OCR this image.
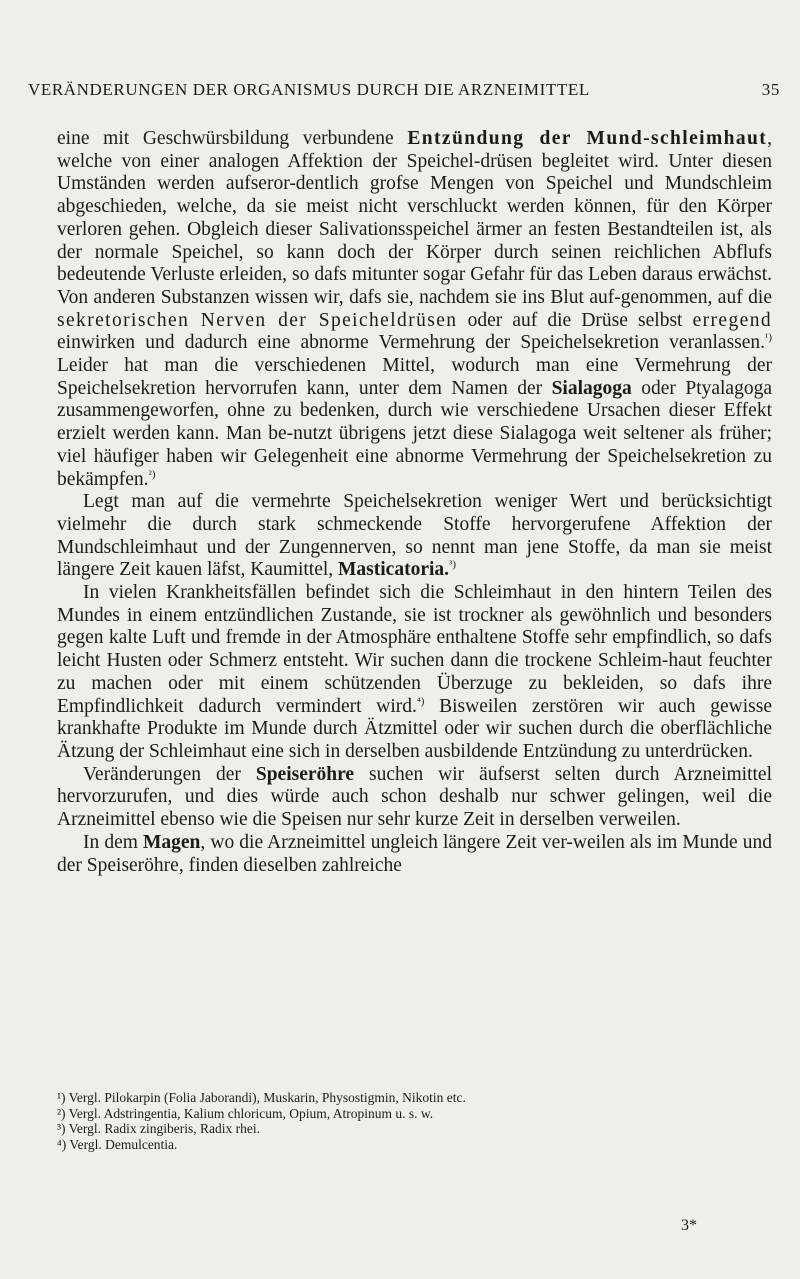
VERÄNDERUNGEN DER ORGANISMUS DURCH DIE ARZNEIMITTEL	35

eine mit Geschwürsbildung verbundene Entzündung der Mund-schleimhaut, welche von einer analogen Affektion der Speichel-drüsen begleitet wird. Unter diesen Umständen werden aufseror-dentlich grofse Mengen von Speichel und Mundschleim abgeschieden, welche, da sie meist nicht verschluckt werden können, für den Körper verloren gehen. Obgleich dieser Salivationsspeichel ärmer an festen Bestandteilen ist, als der normale Speichel, so kann doch der Körper durch seinen reichlichen Abflufs bedeutende Verluste erleiden, so dafs mitunter sogar Gefahr für das Leben daraus erwächst. Von anderen Substanzen wissen wir, dafs sie, nachdem sie ins Blut auf-genommen, auf die sekretorischen Nerven der Speicheldrüsen oder auf die Drüse selbst erregend einwirken und dadurch eine abnorme Vermehrung der Speichelsekretion veranlassen.$^{^1)}$ Leider hat man die verschiedenen Mittel, wodurch man eine Vermehrung der Speichelsekretion hervorrufen kann, unter dem Namen der Sialagoga oder Ptyalagoga zusammengeworfen, ohne zu bedenken, durch wie verschiedene Ursachen dieser Effekt erzielt werden kann. Man be-nutzt übrigens jetzt diese Sialagoga weit seltener als früher; viel häufiger haben wir Gelegenheit eine abnorme Vermehrung der Speichelsekretion zu bekämpfen.$^{^2)}$

Legt man auf die vermehrte Speichelsekretion weniger Wert und berücksichtigt vielmehr die durch stark schmeckende Stoffe hervorgerufene Affektion der Mundschleimhaut und der Zungennerven, so nennt man jene Stoffe, da man sie meist längere Zeit kauen läfst, Kaumittel, Masticatoria.$^{^3)}$

In vielen Krankheitsfällen befindet sich die Schleimhaut in den hintern Teilen des Mundes in einem entzündlichen Zustande, sie ist trockner als gewöhnlich und besonders gegen kalte Luft und fremde in der Atmosphäre enthaltene Stoffe sehr empfindlich, so dafs leicht Husten oder Schmerz entsteht. Wir suchen dann die trockene Schleim-haut feuchter zu machen oder mit einem schützenden Überzuge zu bekleiden, so dafs ihre Empfindlichkeit dadurch vermindert wird.$^{^4)}$ Bisweilen zerstören wir auch gewisse krankhafte Produkte im Munde durch Ätzmittel oder wir suchen durch die oberflächliche Ätzung der Schleimhaut eine sich in derselben ausbildende Entzündung zu unterdrücken.

Veränderungen der Speiseröhre suchen wir äufserst selten durch Arzneimittel hervorzurufen, und dies würde auch schon deshalb nur schwer gelingen, weil die Arzneimittel ebenso wie die Speisen nur sehr kurze Zeit in derselben verweilen.

In dem Magen, wo die Arzneimittel ungleich längere Zeit ver-weilen als im Munde und der Speiseröhre, finden dieselben zahlreiche

¹) Vergl. Pilokarpin (Folia Jaborandi), Muskarin, Physostigmin, Nikotin etc.
²) Vergl. Adstringentia, Kalium chloricum, Opium, Atropinum u. s. w.
³) Vergl. Radix zingiberis, Radix rhei.
⁴) Vergl. Demulcentia.
3*
